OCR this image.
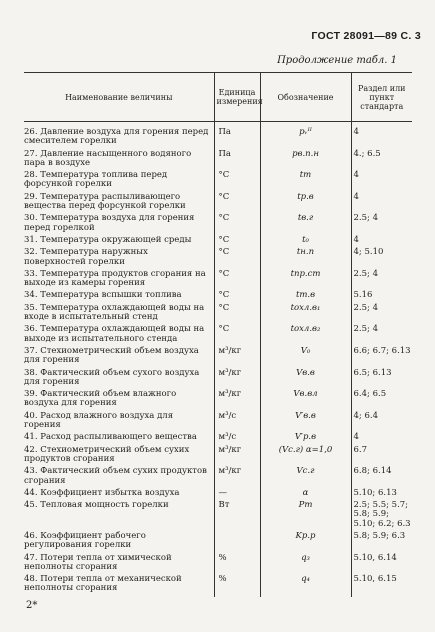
ГОСТ 28091—89 С. 3
Продолжение табл. 1
Наименование величины	Единица измерения	Обозначение	Раздел или пункт стандарта

26. Давление воздуха для горения перед смесителем горелки	Па	pᵥᴵᴵ	4

27. Давление насыщенного водяного пара в воздухе	Па	pв.п.н	4.; 6.5

28. Температура топлива перед форсункой горелки	°С	tт	4

29. Температура распыливающего вещества перед форсункой горелки	°С	tр.в	4

30. Температура воздуха для горения перед горелкой	°С	tв.г	2.5; 4

31. Температура окружающей среды	°С	t₀	4

32. Температура наружных поверхностей горелки	°С	tн.п	4; 5.10

33. Температура продуктов сгорания на выходе из камеры горения	°С	tпр.ст	2.5; 4

34. Температура вспышки топлива	°С	tт.в	5.16

35. Температура охлаждающей воды на входе в испытательный стенд	°С	tохл.в₁	2.5; 4

36. Температура охлаждающей воды на выходе из испытательного стенда	°С	tохл.в₂	2.5; 4

37. Стехиометрический объем воздуха для горения	м³/кг	V₀	6.6; 6.7; 6.13

38. Фактический объем сухого воздуха для горения	м³/кг	Vв.в	6.5; 6.13

39. Фактический объем влажного воздуха для горения	м³/кг	Vв.вл	6.4; 6.5

40. Расход влажного воздуха для горения	м³/с	V′в.в	4; 6.4

41. Расход распыливающего вещества	м³/с	V′р.в	4

42. Стехиометрический объем сухих продуктов сгорания	м³/кг	(Vс.г) α=1,0	6.7

43. Фактический объем сухих продуктов сгорания	м³/кг	Vс.г	6.8; 6.14

44. Коэффициент избытка воздуха	—	α	5.10; 6.13

45. Тепловая мощность горелки	Вт	Pт	2.5; 5.5; 5.7; 5.8; 5.9; 5.10; 6.2; 6.3

46. Коэффициент рабочего регулирования горелки		Kр.р	5.8; 5.9; 6.3

47. Потери тепла от химической неполноты сгорания	%	q₃	5.10, 6.14

48. Потери тепла от механической неполноты сгорания	%	q₄	5.10, 6.15

2*
